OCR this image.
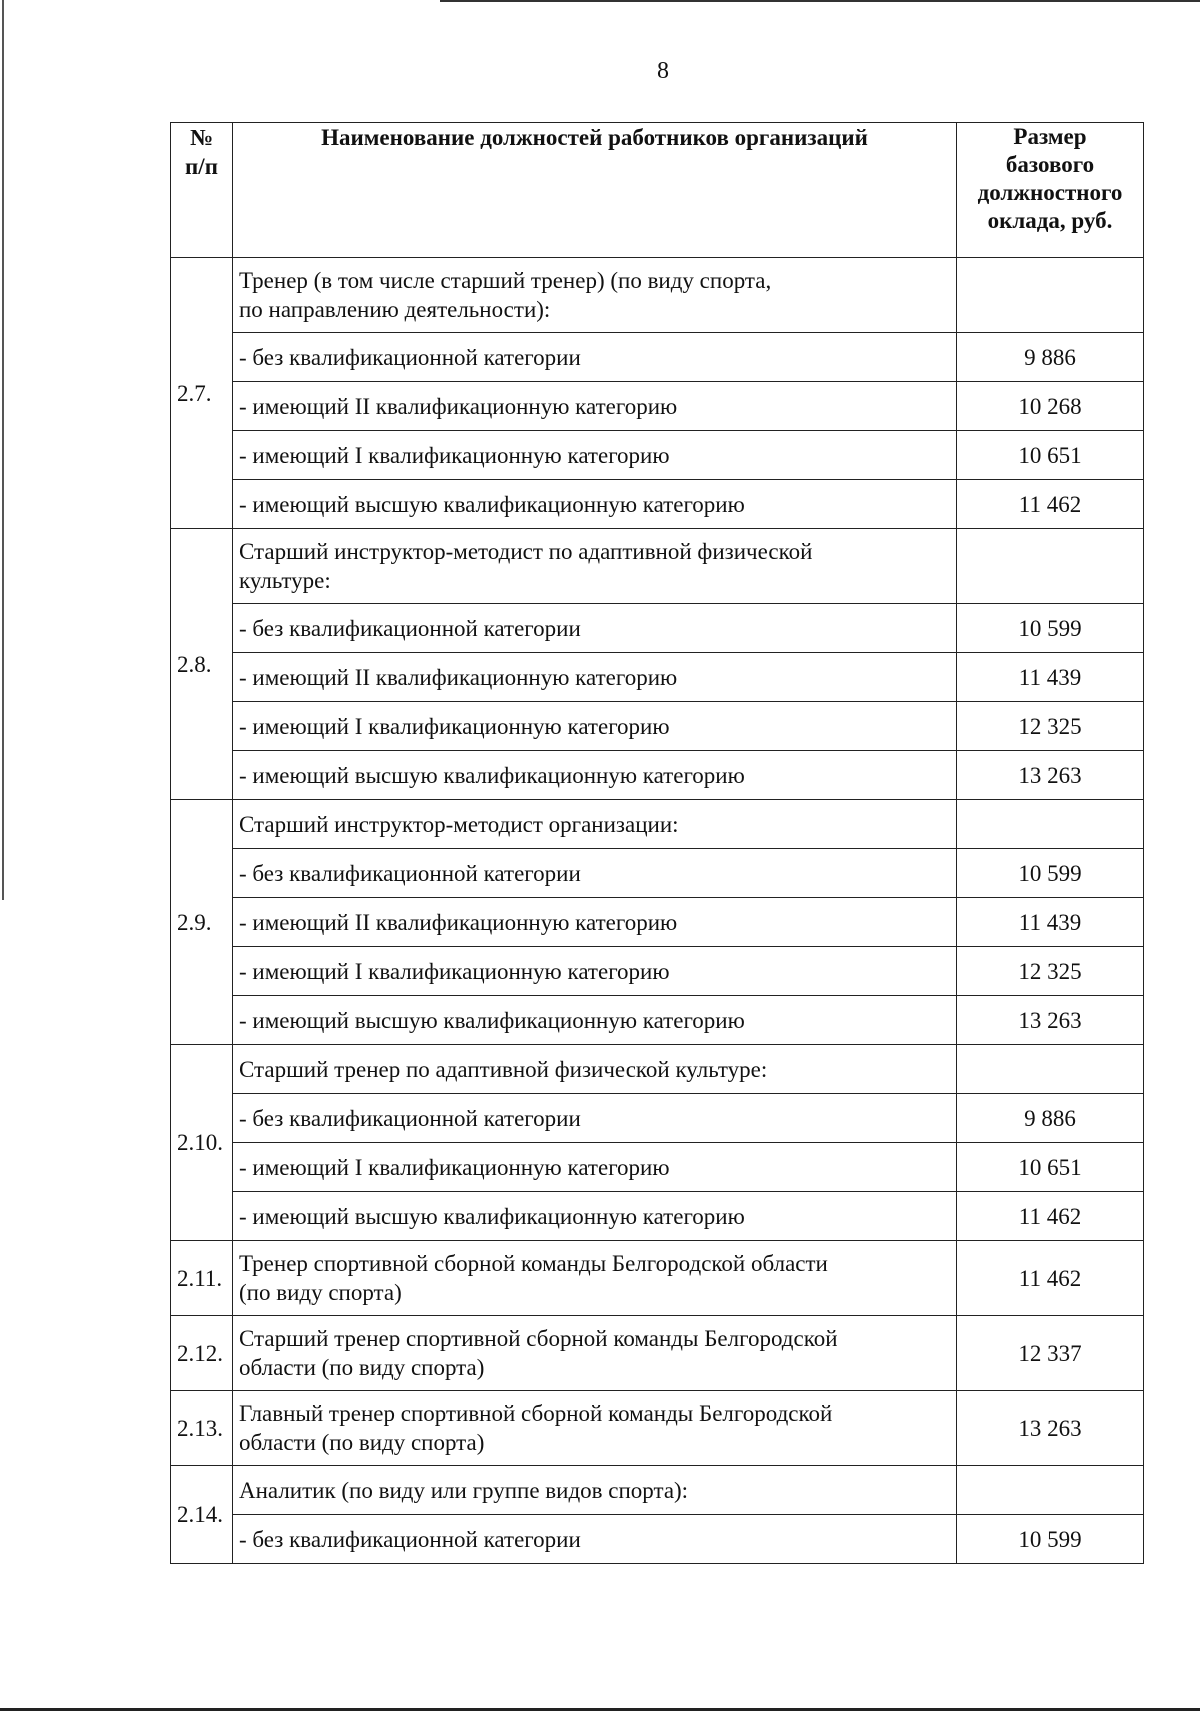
8
№
п/п	Наименование должностей работников организаций	Размер
базового
должностного
оклада, руб.
2.7.	Тренер (в том числе старший тренер) (по виду спорта,
по направлению деятельности):	
	- без квалификационной категории	9 886
	- имеющий II квалификационную категорию	10 268
	- имеющий I квалификационную категорию	10 651
	- имеющий высшую квалификационную категорию	11 462
2.8.	Старший инструктор-методист по адаптивной физической
культуре:	
	- без квалификационной категории	10 599
	- имеющий II квалификационную категорию	11 439
	- имеющий I квалификационную категорию	12 325
	- имеющий высшую квалификационную категорию	13 263
2.9.	Старший инструктор-методист организации:	
	- без квалификационной категории	10 599
	- имеющий II квалификационную категорию	11 439
	- имеющий I квалификационную категорию	12 325
	- имеющий высшую квалификационную категорию	13 263
2.10.	Старший тренер по адаптивной физической культуре:	
	- без квалификационной категории	9 886
	- имеющий I квалификационную категорию	10 651
	- имеющий высшую квалификационную категорию	11 462
2.11.	Тренер спортивной сборной команды Белгородской области
(по виду спорта)	11 462
2.12.	Старший тренер спортивной сборной команды Белгородской
области (по виду спорта)	12 337
2.13.	Главный тренер спортивной сборной команды Белгородской
области (по виду спорта)	13 263
2.14.	Аналитик (по виду или группе видов спорта):	
	- без квалификационной категории	10 599
